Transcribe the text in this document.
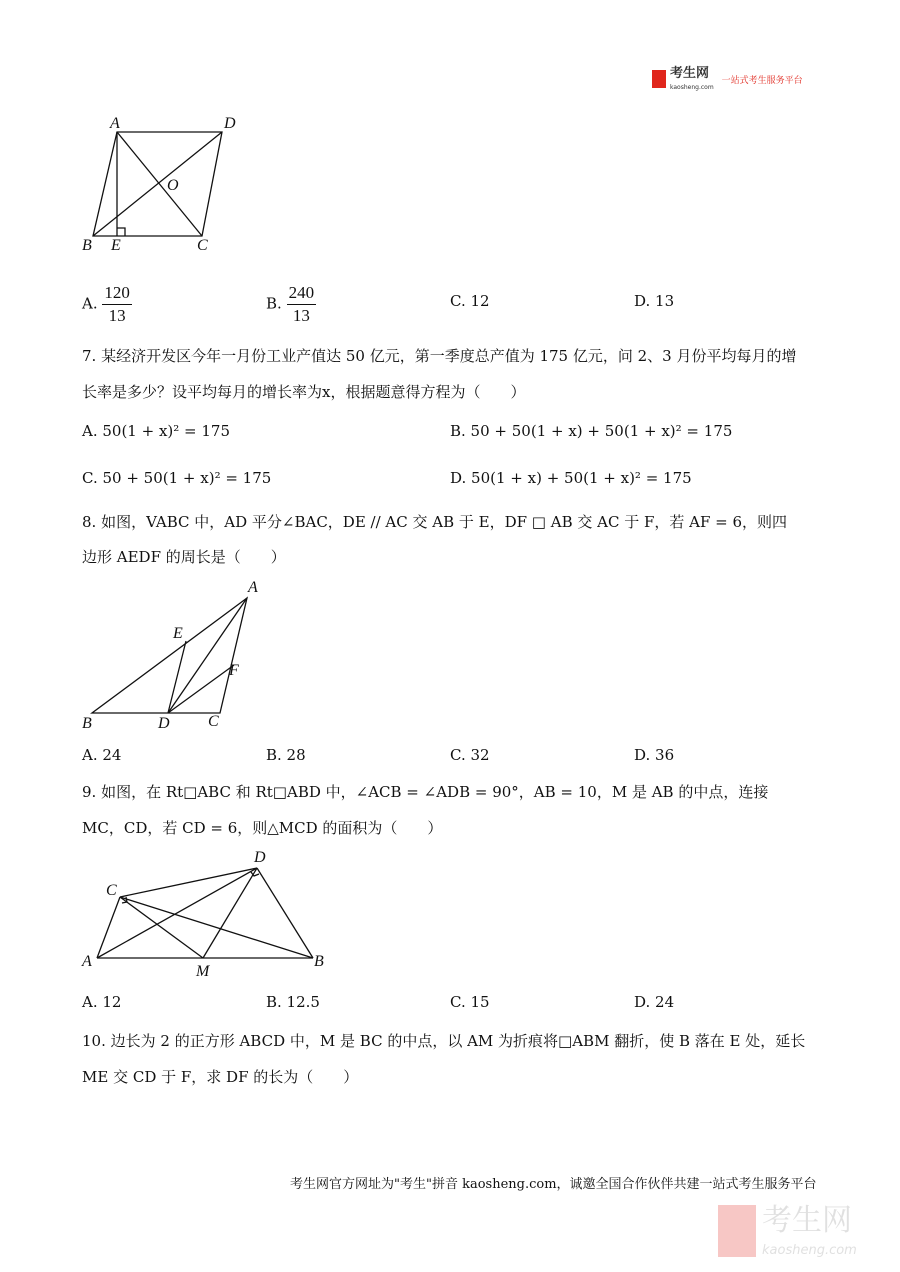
考生网
kaosheng.com
一站式考生服务平台
A	D
O
B E	C
A
E
F
B	D C
D
C
A
M
B
A. $\frac{120}{13}$	B. $\frac{240}{13}$	C. 12	D. 13
7. 某经济开发区今年一月份工业产值达 50 亿元，第一季度总产值为 175 亿元，问 2、3 月份平均每月的增
长率是多少？设平均每月的增长率为x，根据题意得方程为（　　）
A. 50(1 + x)² = 175	B. 50 + 50(1 + x) + 50(1 + x)² = 175
C. 50 + 50(1 + x)² = 175	D. 50(1 + x) + 50(1 + x)² = 175
8. 如图，VABC 中，AD 平分∠BAC，DE // AC 交 AB 于 E，DF □ AB 交 AC 于 F，若 AF = 6，则四
边形 AEDF 的周长是（　　）
A. 24	B. 28	C. 32	D. 36
9. 如图，在 Rt□ABC 和 Rt□ABD 中，∠ACB = ∠ADB = 90°，AB = 10，M 是 AB 的中点，连接
MC，CD，若 CD = 6，则△MCD 的面积为（　　）
A. 12	B. 12.5	C. 15	D. 24
10. 边长为 2 的正方形 ABCD 中，M 是 BC 的中点，以 AM 为折痕将□ABM 翻折，使 B 落在 E 处，延长
ME 交 CD 于 F，求 DF 的长为（　　）
考生网官方网址为"考生"拼音 kaosheng.com，诚邀全国合作伙伴共建一站式考生服务平台
考生网
kaosheng.com
